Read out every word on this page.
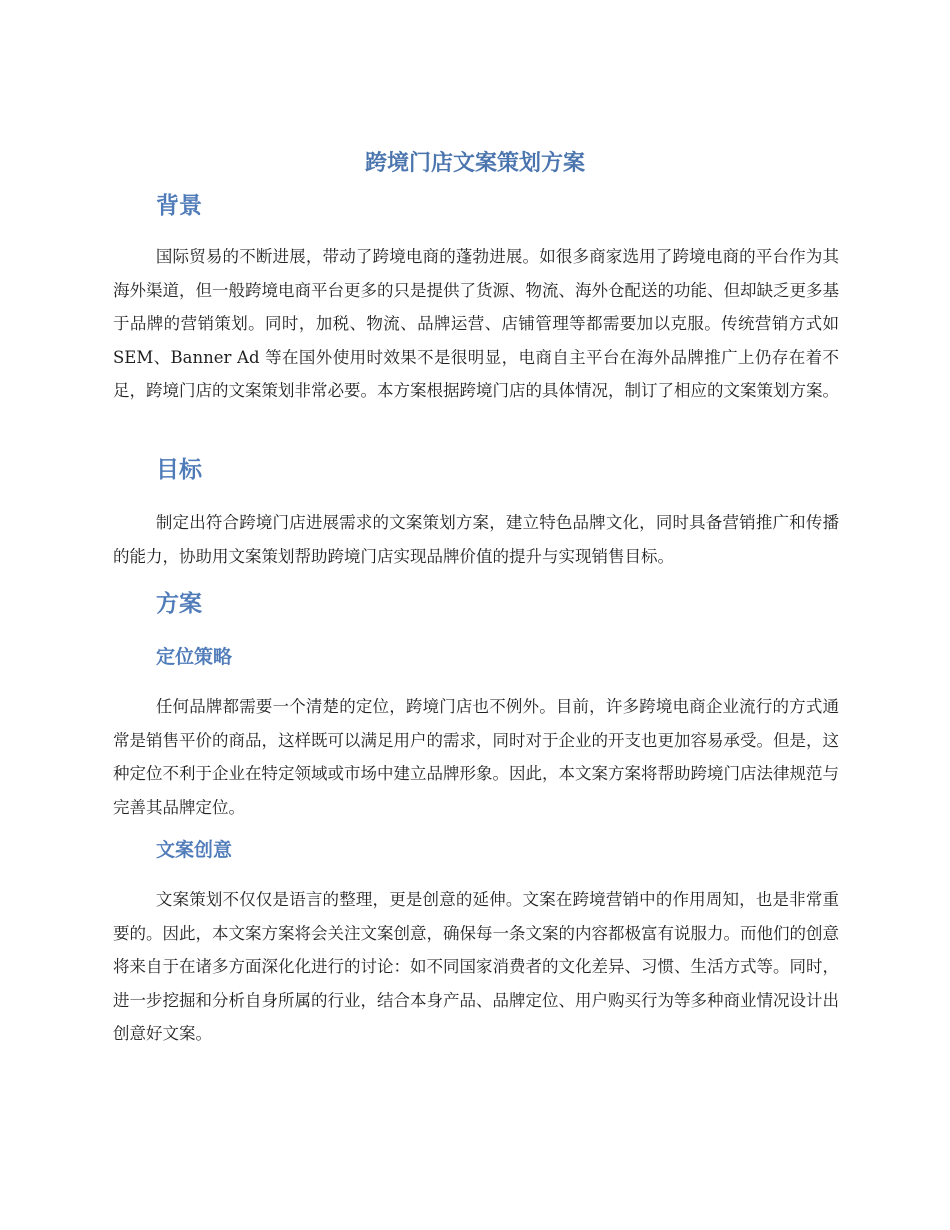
跨境门店文案策划方案
背景

国际贸易的不断进展，带动了跨境电商的蓬勃进展。如很多商家选用了跨境电商的平台作为其海外渠道，但一般跨境电商平台更多的只是提供了货源、物流、海外仓配送的功能、但却缺乏更多基于品牌的营销策划。同时，加税、物流、品牌运营、店铺管理等都需要加以克服。传统营销方式如 SEM、Banner Ad 等在国外使用时效果不是很明显，电商自主平台在海外品牌推广上仍存在着不足，跨境门店的文案策划非常必要。本方案根据跨境门店的具体情况，制订了相应的文案策划方案。

目标

制定出符合跨境门店进展需求的文案策划方案，建立特色品牌文化，同时具备营销推广和传播的能力，协助用文案策划帮助跨境门店实现品牌价值的提升与实现销售目标。

方案
定位策略

任何品牌都需要一个清楚的定位，跨境门店也不例外。目前，许多跨境电商企业流行的方式通常是销售平价的商品，这样既可以满足用户的需求，同时对于企业的开支也更加容易承受。但是，这种定位不利于企业在特定领域或市场中建立品牌形象。因此，本文案方案将帮助跨境门店法律规范与完善其品牌定位。

文案创意

文案策划不仅仅是语言的整理，更是创意的延伸。文案在跨境营销中的作用周知，也是非常重要的。因此，本文案方案将会关注文案创意，确保每一条文案的内容都极富有说服力。而他们的创意将来自于在诸多方面深化化进行的讨论：如不同国家消费者的文化差异、习惯、生活方式等。同时，进一步挖掘和分析自身所属的行业，结合本身产品、品牌定位、用户购买行为等多种商业情况设计出创意好文案。
